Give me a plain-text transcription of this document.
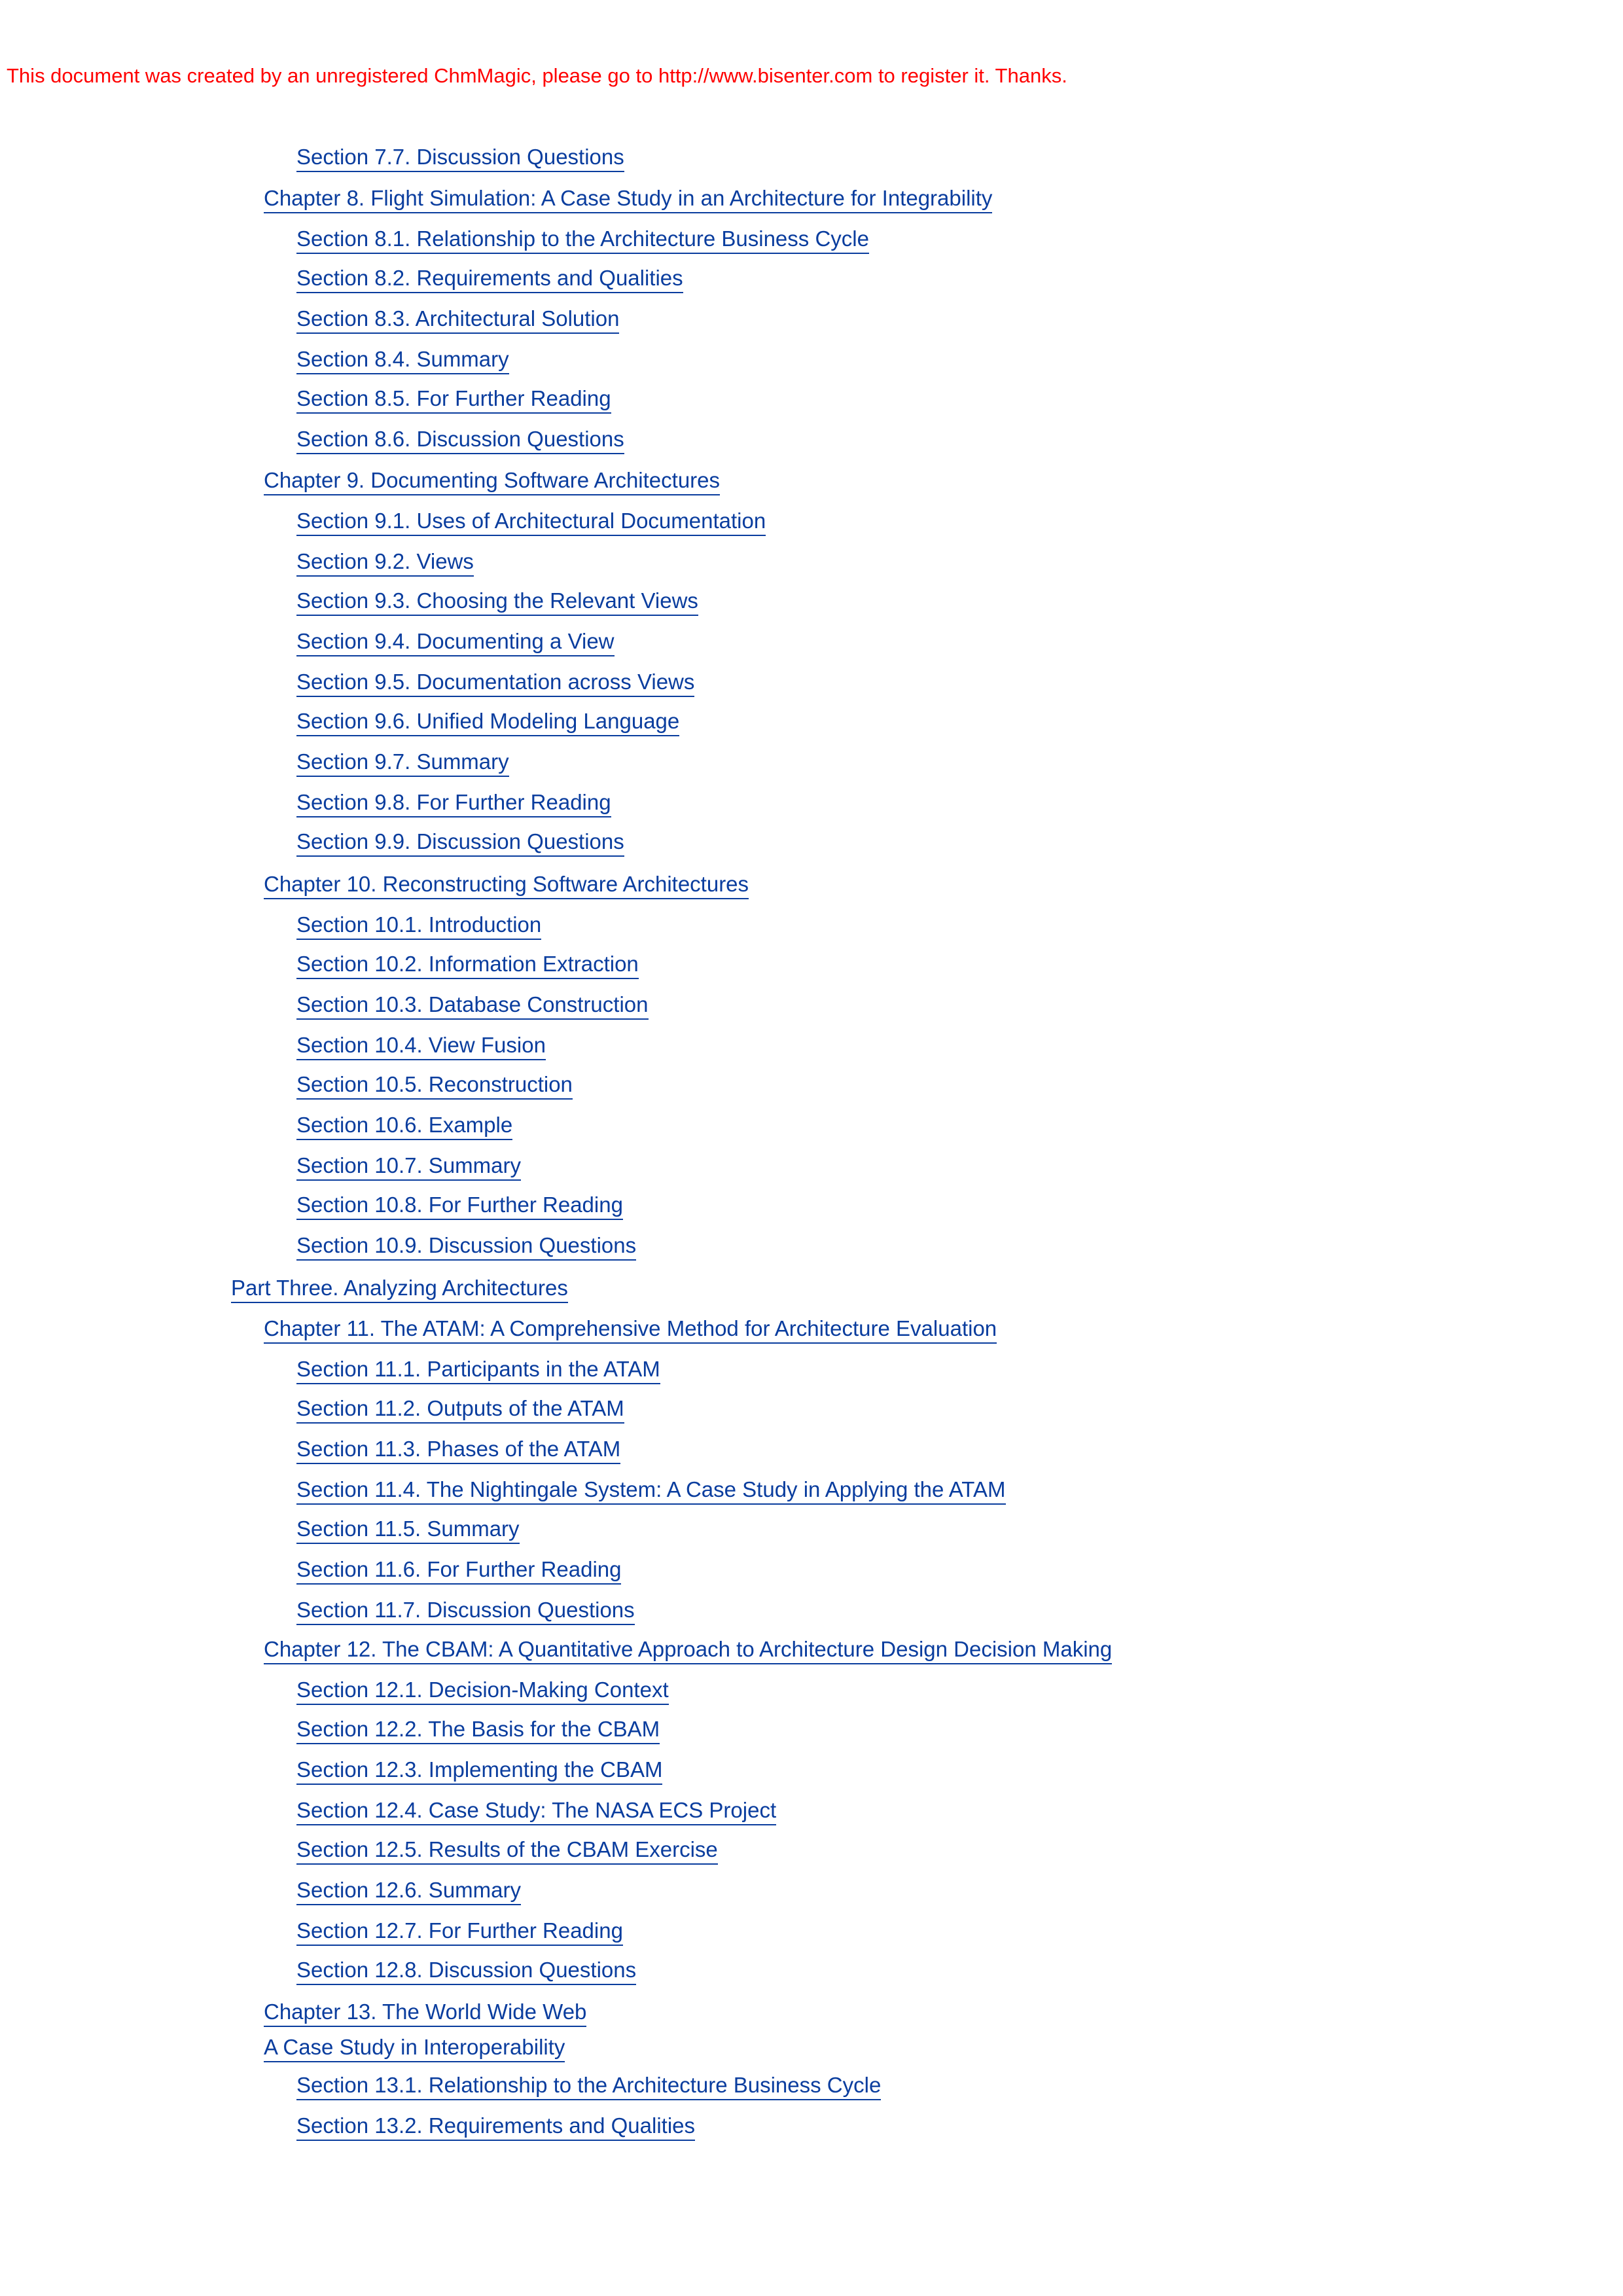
This document was created by an unregistered ChmMagic, please go to http://www.bisenter.com to register it. Thanks.
Section 7.7. Discussion Questions
Chapter 8. Flight Simulation: A Case Study in an Architecture for Integrability
Section 8.1. Relationship to the Architecture Business Cycle
Section 8.2. Requirements and Qualities
Section 8.3. Architectural Solution
Section 8.4. Summary
Section 8.5. For Further Reading
Section 8.6. Discussion Questions
Chapter 9. Documenting Software Architectures
Section 9.1. Uses of Architectural Documentation
Section 9.2. Views
Section 9.3. Choosing the Relevant Views
Section 9.4. Documenting a View
Section 9.5. Documentation across Views
Section 9.6. Unified Modeling Language
Section 9.7. Summary
Section 9.8. For Further Reading
Section 9.9. Discussion Questions
Chapter 10. Reconstructing Software Architectures
Section 10.1. Introduction
Section 10.2. Information Extraction
Section 10.3. Database Construction
Section 10.4. View Fusion
Section 10.5. Reconstruction
Section 10.6. Example
Section 10.7. Summary
Section 10.8. For Further Reading
Section 10.9. Discussion Questions
Part Three. Analyzing Architectures
Chapter 11. The ATAM: A Comprehensive Method for Architecture Evaluation
Section 11.1. Participants in the ATAM
Section 11.2. Outputs of the ATAM
Section 11.3. Phases of the ATAM
Section 11.4. The Nightingale System: A Case Study in Applying the ATAM
Section 11.5. Summary
Section 11.6. For Further Reading
Section 11.7. Discussion Questions
Chapter 12. The CBAM: A Quantitative Approach to Architecture Design Decision Making
Section 12.1. Decision-Making Context
Section 12.2. The Basis for the CBAM
Section 12.3. Implementing the CBAM
Section 12.4. Case Study: The NASA ECS Project
Section 12.5. Results of the CBAM Exercise
Section 12.6. Summary
Section 12.7. For Further Reading
Section 12.8. Discussion Questions
Chapter 13. The World Wide Web
A Case Study in Interoperability
Section 13.1. Relationship to the Architecture Business Cycle
Section 13.2. Requirements and Qualities
